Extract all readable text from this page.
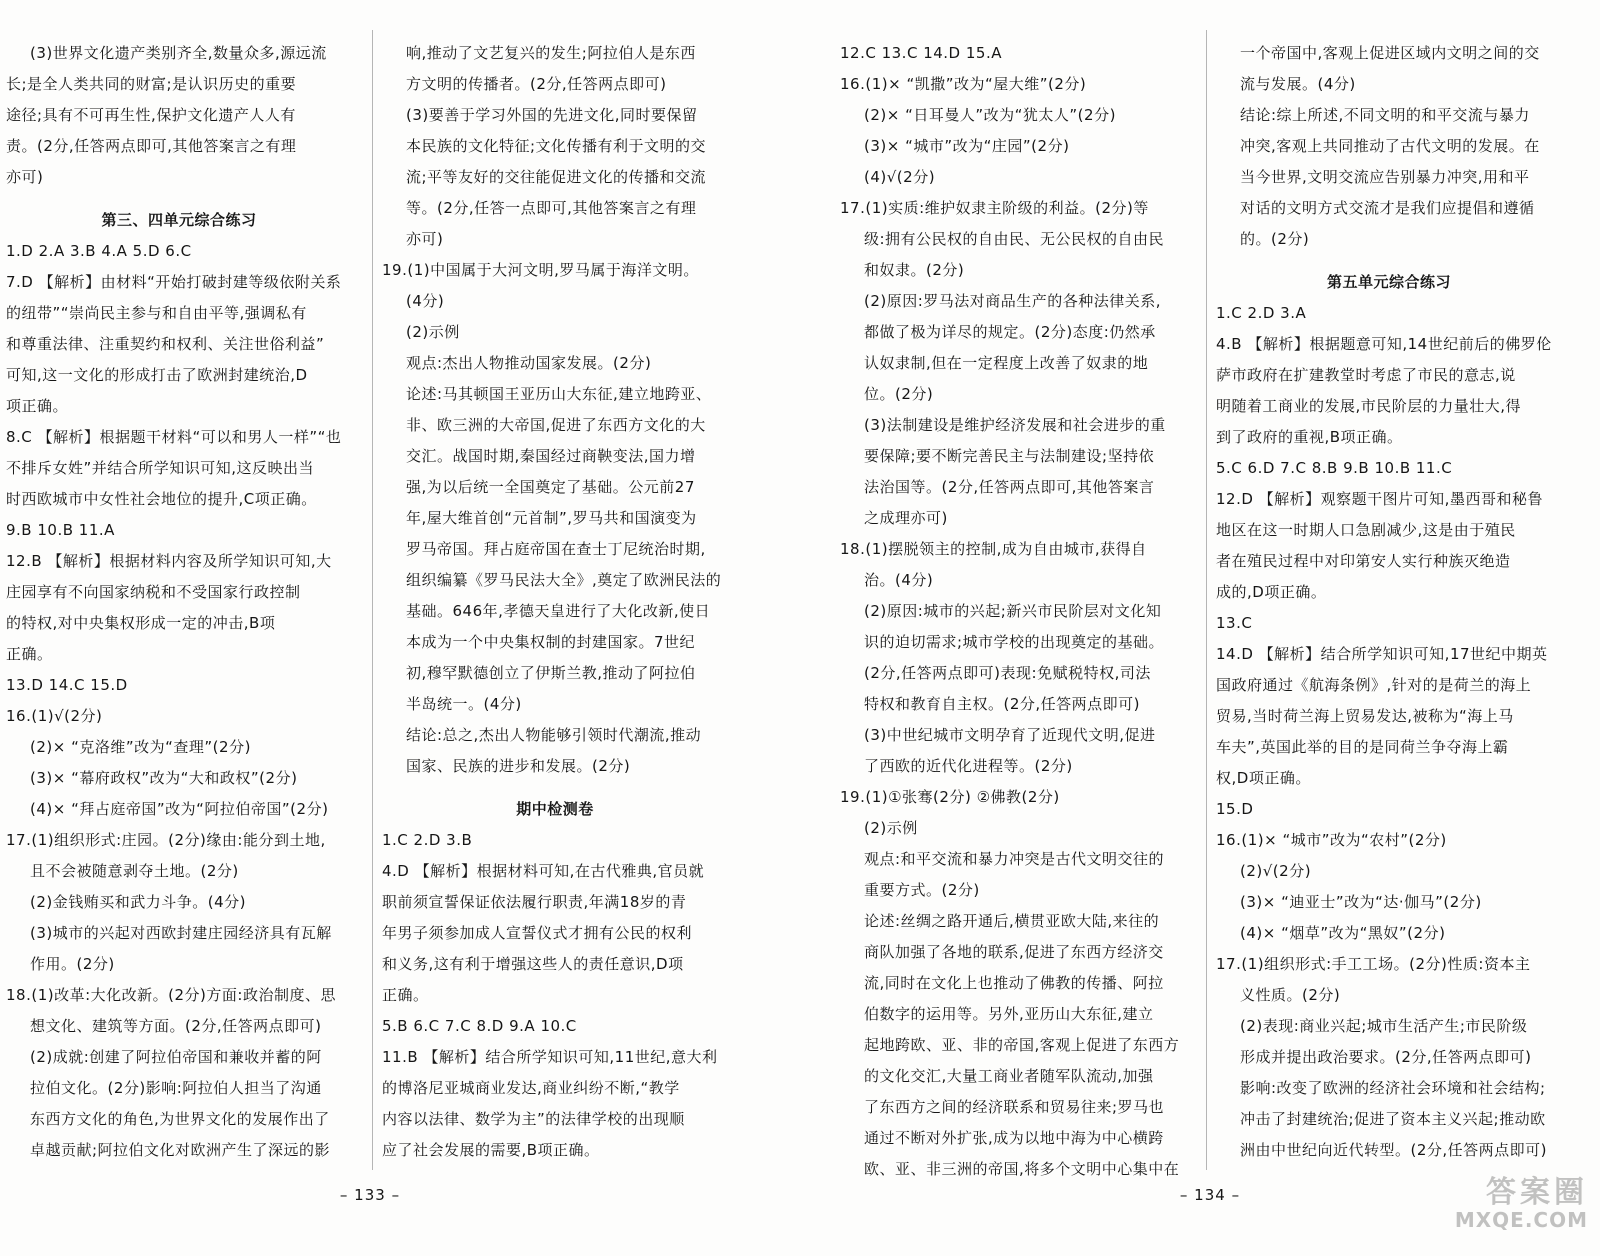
(3)世界文化遗产类别齐全,数量众多,源远流
长;是全人类共同的财富;是认识历史的重要
途径;具有不可再生性,保护文化遗产人人有
责。(2分,任答两点即可,其他答案言之有理
亦可)
第三、四单元综合练习
1.D 2.A 3.B 4.A 5.D 6.C
7.D 【解析】由材料“开始打破封建等级依附关系
的纽带”“崇尚民主参与和自由平等,强调私有
和尊重法律、注重契约和权利、关注世俗利益”
可知,这一文化的形成打击了欧洲封建统治,D
项正确。
8.C 【解析】根据题干材料“可以和男人一样”“也
不排斥女姓”并结合所学知识可知,这反映出当
时西欧城市中女性社会地位的提升,C项正确。
9.B 10.B 11.A
12.B 【解析】根据材料内容及所学知识可知,大
庄园享有不向国家纳税和不受国家行政控制
的特权,对中央集权形成一定的冲击,B项
正确。
13.D 14.C 15.D
16.(1)√(2分)
(2)× “克洛维”改为“查理”(2分)
(3)× “幕府政权”改为“大和政权”(2分)
(4)× “拜占庭帝国”改为“阿拉伯帝国”(2分)
17.(1)组织形式:庄园。(2分)缘由:能分到土地,
且不会被随意剥夺土地。(2分)
(2)金钱贿买和武力斗争。(4分)
(3)城市的兴起对西欧封建庄园经济具有瓦解
作用。(2分)
18.(1)改革:大化改新。(2分)方面:政治制度、思
想文化、建筑等方面。(2分,任答两点即可)
(2)成就:创建了阿拉伯帝国和兼收并蓄的阿
拉伯文化。(2分)影响:阿拉伯人担当了沟通
东西方文化的角色,为世界文化的发展作出了
卓越贡献;阿拉伯文化对欧洲产生了深远的影
响,推动了文艺复兴的发生;阿拉伯人是东西
方文明的传播者。(2分,任答两点即可)
(3)要善于学习外国的先进文化,同时要保留
本民族的文化特征;文化传播有利于文明的交
流;平等友好的交往能促进文化的传播和交流
等。(2分,任答一点即可,其他答案言之有理
亦可)
19.(1)中国属于大河文明,罗马属于海洋文明。
(4分)
(2)示例
观点:杰出人物推动国家发展。(2分)
论述:马其顿国王亚历山大东征,建立地跨亚、
非、欧三洲的大帝国,促进了东西方文化的大
交汇。战国时期,秦国经过商鞅变法,国力增
强,为以后统一全国奠定了基础。公元前27
年,屋大维首创“元首制”,罗马共和国演变为
罗马帝国。拜占庭帝国在查士丁尼统治时期,
组织编纂《罗马民法大全》,奠定了欧洲民法的
基础。646年,孝德天皇进行了大化改新,使日
本成为一个中央集权制的封建国家。7世纪
初,穆罕默德创立了伊斯兰教,推动了阿拉伯
半岛统一。(4分)
结论:总之,杰出人物能够引领时代潮流,推动
国家、民族的进步和发展。(2分)
期中检测卷
1.C 2.D 3.B
4.D 【解析】根据材料可知,在古代雅典,官员就
职前须宣誓保证依法履行职责,年满18岁的青
年男子须参加成人宣誓仪式才拥有公民的权利
和义务,这有利于增强这些人的责任意识,D项
正确。
5.B 6.C 7.C 8.D 9.A 10.C
11.B 【解析】结合所学知识可知,11世纪,意大利
的博洛尼亚城商业发达,商业纠纷不断,“教学
内容以法律、数学为主”的法律学校的出现顺
应了社会发展的需要,B项正确。
– 133 –
12.C 13.C 14.D 15.A
16.(1)× “凯撒”改为“屋大维”(2分)
(2)× “日耳曼人”改为“犹太人”(2分)
(3)× “城市”改为“庄园”(2分)
(4)√(2分)
17.(1)实质:维护奴隶主阶级的利益。(2分)等
级:拥有公民权的自由民、无公民权的自由民
和奴隶。(2分)
(2)原因:罗马法对商品生产的各种法律关系,
都做了极为详尽的规定。(2分)态度:仍然承
认奴隶制,但在一定程度上改善了奴隶的地
位。(2分)
(3)法制建设是维护经济发展和社会进步的重
要保障;要不断完善民主与法制建设;坚持依
法治国等。(2分,任答两点即可,其他答案言
之成理亦可)
18.(1)摆脱领主的控制,成为自由城市,获得自
治。(4分)
(2)原因:城市的兴起;新兴市民阶层对文化知
识的迫切需求;城市学校的出现奠定的基础。
(2分,任答两点即可)表现:免赋税特权,司法
特权和教育自主权。(2分,任答两点即可)
(3)中世纪城市文明孕育了近现代文明,促进
了西欧的近代化进程等。(2分)
19.(1)①张骞(2分) ②佛教(2分)
(2)示例
观点:和平交流和暴力冲突是古代文明交往的
重要方式。(2分)
论述:丝绸之路开通后,横贯亚欧大陆,来往的
商队加强了各地的联系,促进了东西方经济交
流,同时在文化上也推动了佛教的传播、阿拉
伯数字的运用等。另外,亚历山大东征,建立
起地跨欧、亚、非的帝国,客观上促进了东西方
的文化交汇,大量工商业者随军队流动,加强
了东西方之间的经济联系和贸易往来;罗马也
通过不断对外扩张,成为以地中海为中心横跨
欧、亚、非三洲的帝国,将多个文明中心集中在
一个帝国中,客观上促进区域内文明之间的交
流与发展。(4分)
结论:综上所述,不同文明的和平交流与暴力
冲突,客观上共同推动了古代文明的发展。在
当今世界,文明交流应告别暴力冲突,用和平
对话的文明方式交流才是我们应提倡和遵循
的。(2分)
第五单元综合练习
1.C 2.D 3.A
4.B 【解析】根据题意可知,14世纪前后的佛罗伦
萨市政府在扩建教堂时考虑了市民的意志,说
明随着工商业的发展,市民阶层的力量壮大,得
到了政府的重视,B项正确。
5.C 6.D 7.C 8.B 9.B 10.B 11.C
12.D 【解析】观察题干图片可知,墨西哥和秘鲁
地区在这一时期人口急剧减少,这是由于殖民
者在殖民过程中对印第安人实行种族灭绝造
成的,D项正确。
13.C
14.D 【解析】结合所学知识可知,17世纪中期英
国政府通过《航海条例》,针对的是荷兰的海上
贸易,当时荷兰海上贸易发达,被称为“海上马
车夫”,英国此举的目的是同荷兰争夺海上霸
权,D项正确。
15.D
16.(1)× “城市”改为“农村”(2分)
(2)√(2分)
(3)× “迪亚士”改为“达·伽马”(2分)
(4)× “烟草”改为“黑奴”(2分)
17.(1)组织形式:手工工场。(2分)性质:资本主
义性质。(2分)
(2)表现:商业兴起;城市生活产生;市民阶级
形成并提出政治要求。(2分,任答两点即可)
影响:改变了欧洲的经济社会环境和社会结构;
冲击了封建统治;促进了资本主义兴起;推动欧
洲由中世纪向近代转型。(2分,任答两点即可)
– 134 –	答案圈
MXQE.COM
